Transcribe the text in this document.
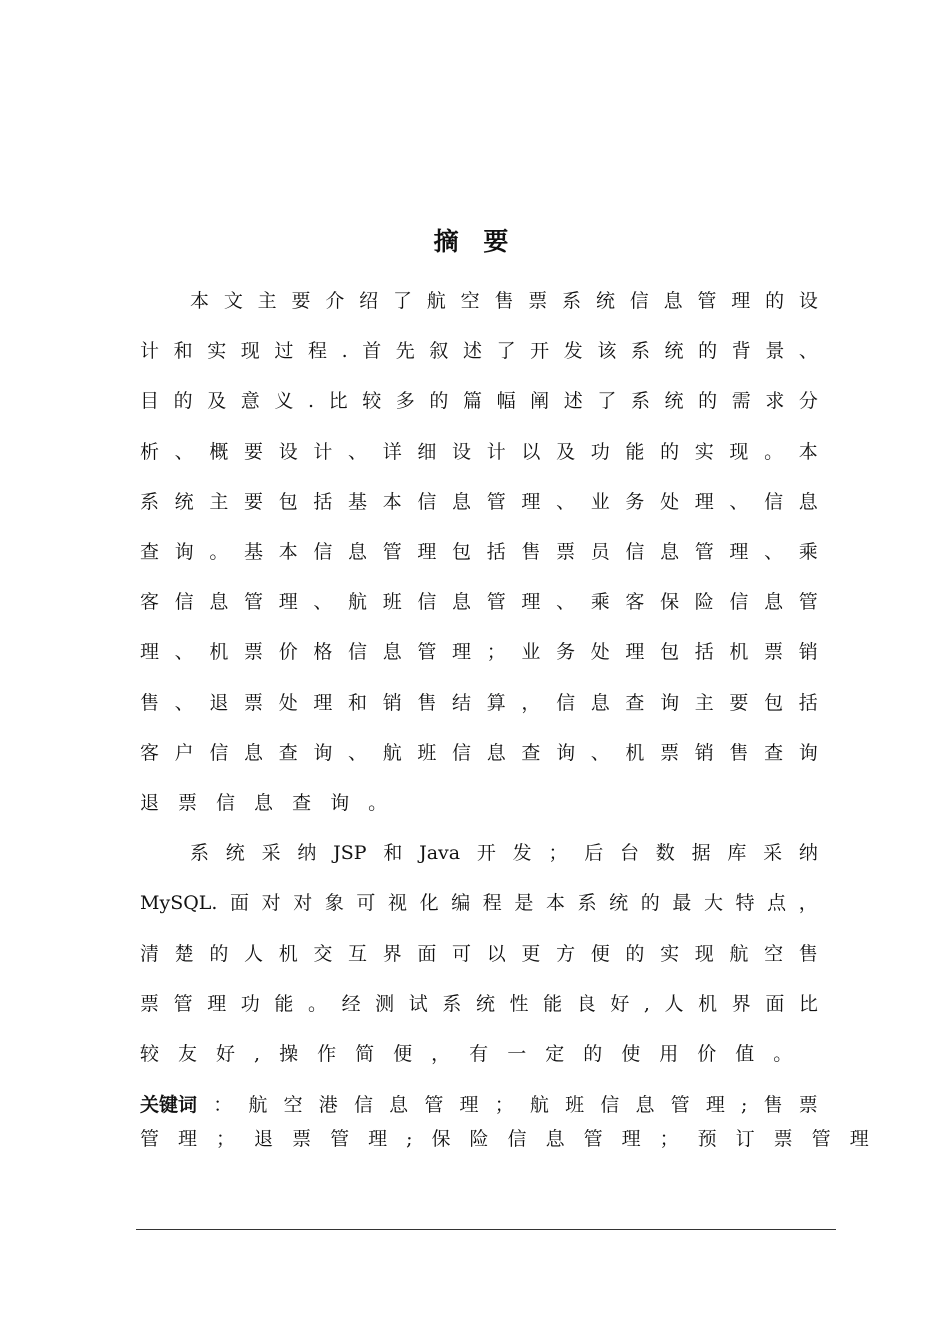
摘 要
本 文 主 要 介 绍 了 航 空 售 票 系 统 信 息 管 理 的 设
计 和 实 现 过 程 . 首 先 叙 述 了 开 发 该 系 统 的 背 景 、
目 的 及 意 义 . 比 较 多 的 篇 幅 阐 述 了 系 统 的 需 求 分
析 、 概 要 设 计 、 详 细 设 计 以 及 功 能 的 实 现 。 本
系 统 主 要 包 括 基 本 信 息 管 理 、 业 务 处 理 、 信 息
查 询 。 基 本 信 息 管 理 包 括 售 票 员 信 息 管 理 、 乘
客 信 息 管 理 、 航 班 信 息 管 理 、 乘 客 保 险 信 息 管
理 、 机 票 价 格 信 息 管 理 ； 业 务 处 理 包 括 机 票 销
售 、 退 票 处 理 和 销 售 结 算 ， 信 息 查 询 主 要 包 括
客 户 信 息 查 询 、 航 班 信 息 查 询 、 机 票 销 售 查 询
退 票 信 息 查 询 。
系 统 采 纳 JSP 和 Java 开 发 ； 后 台 数 据 库 采 纳
MySQL. 面 对 对 象 可 视 化 编 程 是 本 系 统 的 最 大 特 点 ，
清 楚 的 人 机 交 互 界 面 可 以 更 方 便 的 实 现 航 空 售
票 管 理 功 能 。 经 测 试 系 统 性 能 良 好 , 人 机 界 面 比
较 友 好 , 操 作 简 便 ， 有 一 定 的 使 用 价 值 。
关键词 ： 航 空 港 信 息 管 理 ； 航 班 信 息 管 理 ; 售 票
管 理 ； 退 票 管 理 ; 保 险 信 息 管 理 ； 预 订 票 管 理
